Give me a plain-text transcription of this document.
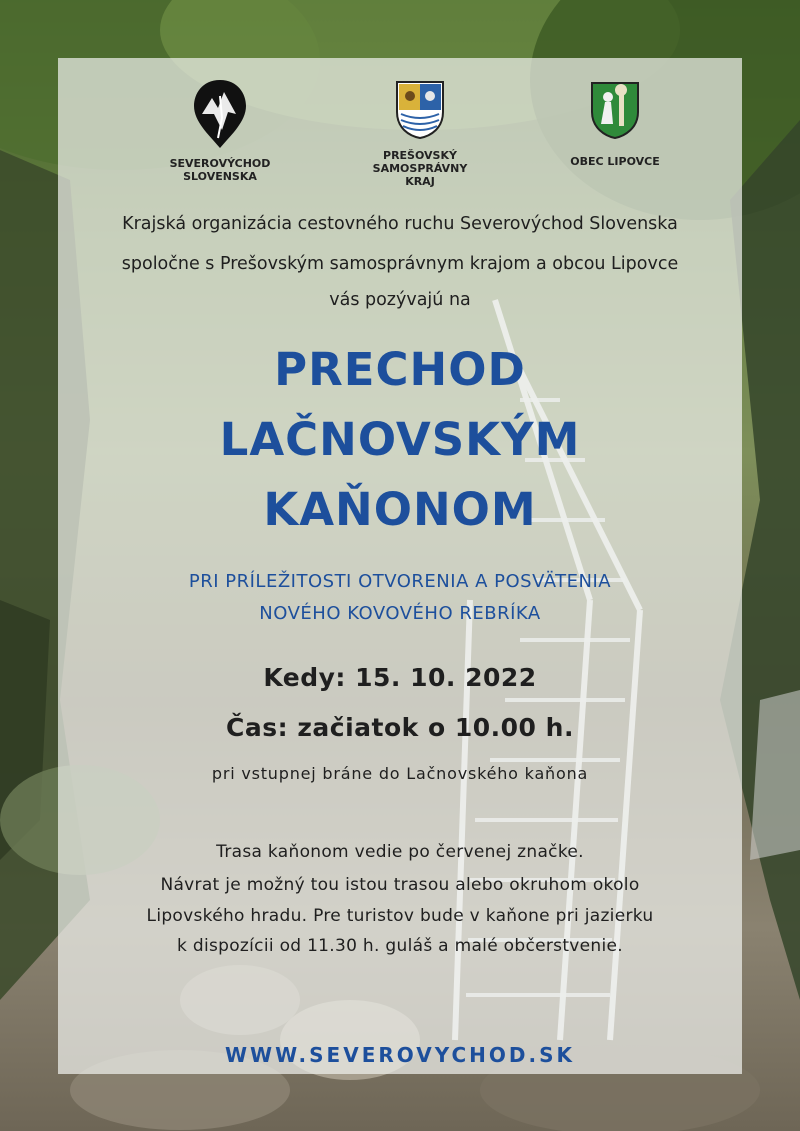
SEVEROVÝCHOD
SLOVENSKA
PREŠOVSKÝ
SAMOSPRÁVNY
KRAJ
OBEC LIPOVCE
Krajská organizácia cestovného ruchu Severovýchod Slovenska
spoločne s Prešovským samosprávnym krajom a obcou Lipovce
vás pozývajú na
PRECHOD
LAČNOVSKÝM
KAŇONOM
PRI PRÍLEŽITOSTI OTVORENIA A POSVÄTENIA
NOVÉHO KOVOVÉHO REBRÍKA
Kedy: 15. 10. 2022
Čas: začiatok o 10.00 h.
pri vstupnej bráne do Lačnovského kaňona
Trasa kaňonom vedie po červenej značke.
Návrat je možný tou istou trasou alebo okruhom okolo
Lipovského hradu. Pre turistov bude v kaňone pri jazierku
k dispozícii od 11.30 h. guláš a malé občerstvenie.
WWW.SEVEROVYCHOD.SK
